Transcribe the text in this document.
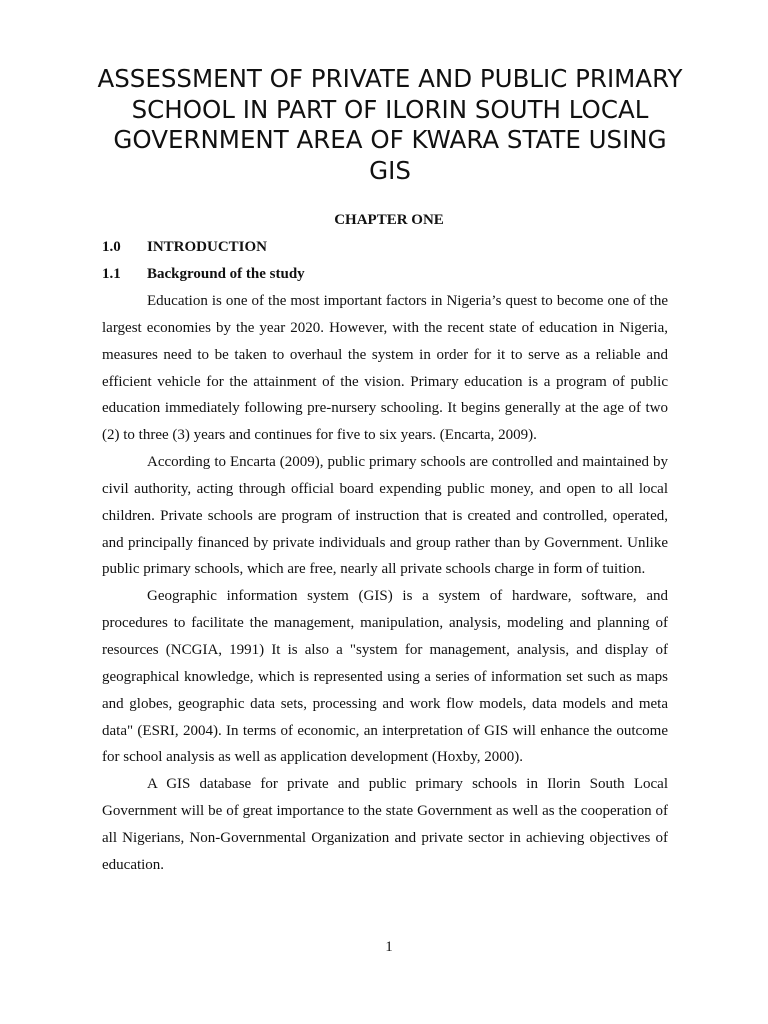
ASSESSMENT OF PRIVATE AND PUBLIC PRIMARY SCHOOL IN PART OF ILORIN SOUTH LOCAL GOVERNMENT AREA OF KWARA STATE USING GIS

CHAPTER ONE

1.0 INTRODUCTION

1.1 Background of the study

Education is one of the most important factors in Nigeria’s quest to become one of the largest economies by the year 2020. However, with the recent state of education in Nigeria, measures need to be taken to overhaul the system in order for it to serve as a reliable and efficient vehicle for the attainment of the vision. Primary education is a program of public education immediately following pre-nursery schooling. It begins generally at the age of two (2) to three (3) years and continues for five to six years. (Encarta, 2009).

According to Encarta (2009), public primary schools are controlled and maintained by civil authority, acting through official board expending public money, and open to all local children. Private schools are program of instruction that is created and controlled, operated, and principally financed by private individuals and group rather than by Government. Unlike public primary schools, which are free, nearly all private schools charge in form of tuition.

Geographic information system (GIS) is a system of hardware, software, and procedures to facilitate the management, manipulation, analysis, modeling and planning of resources (NCGIA, 1991) It is also a "system for management, analysis, and display of geographical knowledge, which is represented using a series of information set such as maps and globes, geographic data sets, processing and work flow models, data models and meta data" (ESRI, 2004). In terms of economic, an interpretation of GIS will enhance the outcome for school analysis as well as application development (Hoxby, 2000).

A GIS database for private and public primary schools in Ilorin South Local Government will be of great importance to the state Government as well as the cooperation of all Nigerians, Non-Governmental Organization and private sector in achieving objectives of education.

1
